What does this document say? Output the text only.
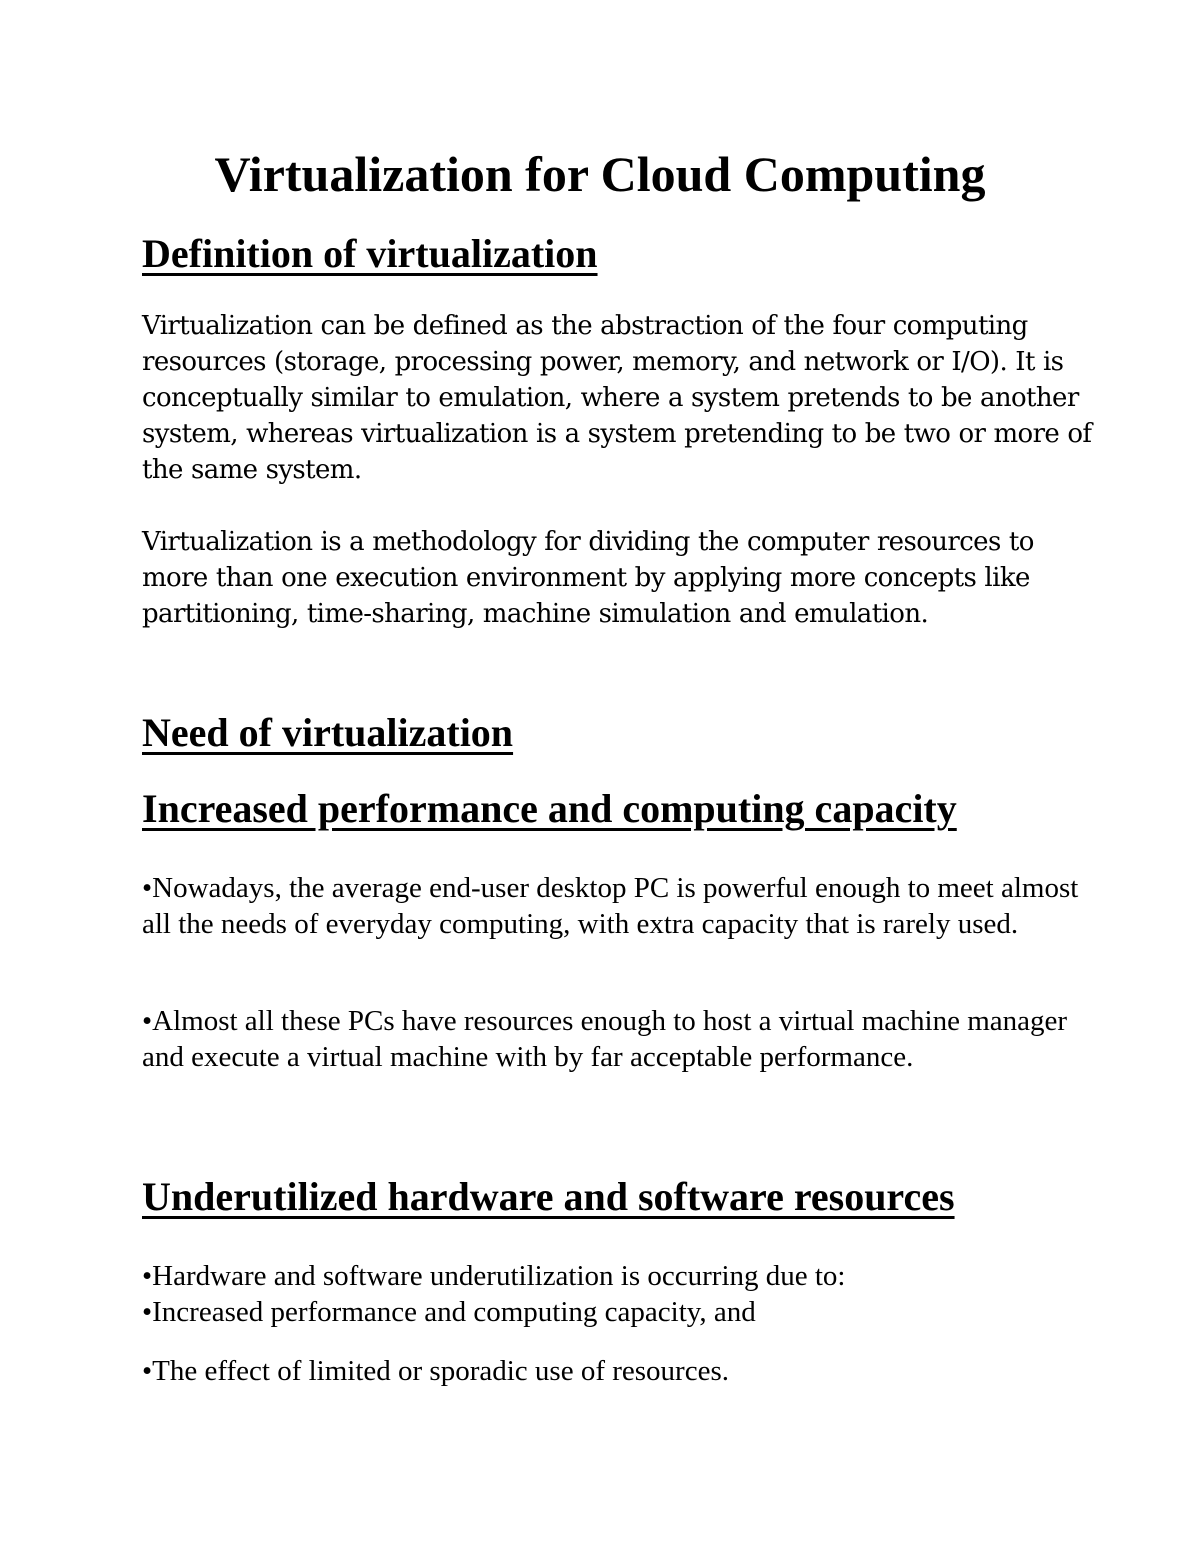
Virtualization for Cloud Computing
Definition of virtualization

Virtualization can be defined as the abstraction of the four computing resources (storage, processing power, memory, and network or I/O). It is conceptually similar to emulation, where a system pretends to be another system, whereas virtualization is a system pretending to be two or more of the same system.

Virtualization is a methodology for dividing the computer resources to more than one execution environment by applying more concepts like partitioning, time-sharing, machine simulation and emulation.

Need of virtualization
Increased performance and computing capacity

•Nowadays, the average end-user desktop PC is powerful enough to meet almost all the needs of everyday computing, with extra capacity that is rarely used.

•Almost all these PCs have resources enough to host a virtual machine manager and execute a virtual machine with by far acceptable performance.

Underutilized hardware and software resources

•Hardware and software underutilization is occurring due to:

•Increased performance and computing capacity, and

•The effect of limited or sporadic use of resources.
